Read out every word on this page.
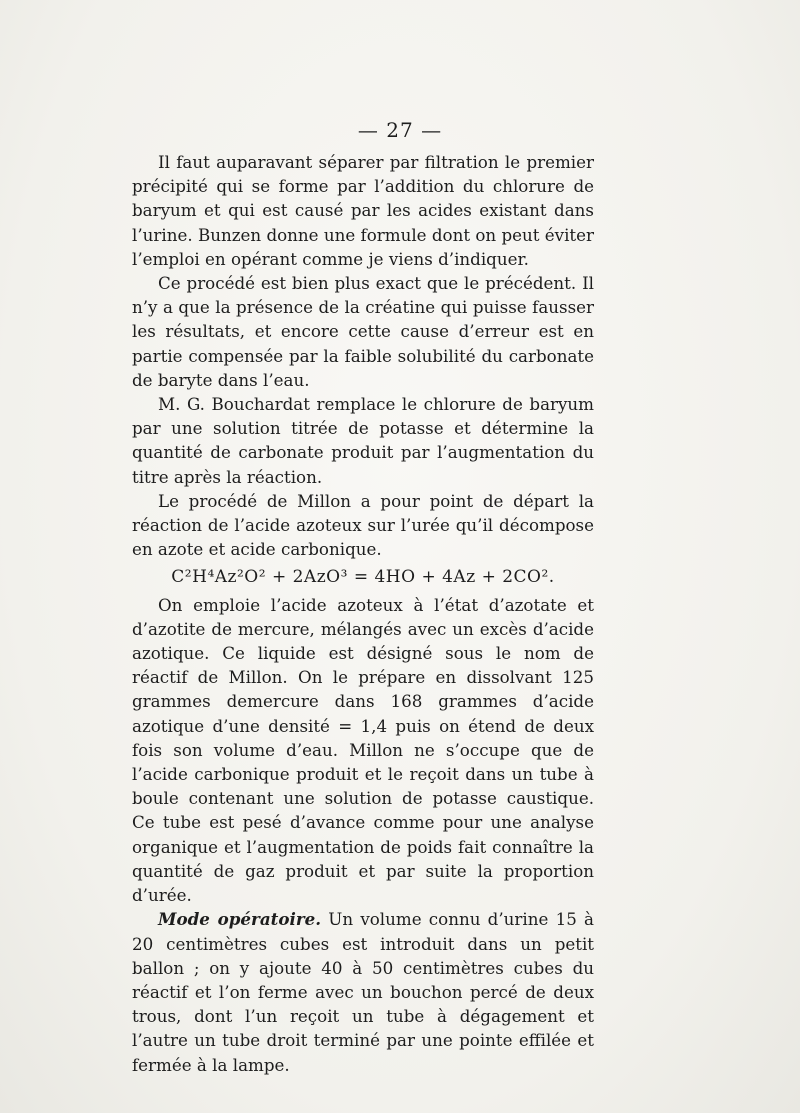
— 27 —

Il faut auparavant séparer par filtration le premier précipité qui se forme par l’addition du chlorure de baryum et qui est causé par les acides existant dans l’urine. Bunzen donne une formule dont on peut éviter l’emploi en opérant comme je viens d’indiquer.

Ce procédé est bien plus exact que le précédent. Il n’y a que la présence de la créatine qui puisse fausser les résultats, et encore cette cause d’erreur est en partie compensée par la faible solubilité du carbonate de baryte dans l’eau.

M. G. Bouchardat remplace le chlorure de baryum par une solution titrée de potasse et détermine la quantité de carbonate produit par l’augmentation du titre après la réaction.

Le procédé de Millon a pour point de départ la réaction de l’acide azoteux sur l’urée qu’il décompose en azote et acide carbonique.

C²H⁴Az²O² + 2AzO³ = 4HO + 4Az + 2CO².

On emploie l’acide azoteux à l’état d’azotate et d’azotite de mercure, mélangés avec un excès d’acide azotique. Ce liquide est désigné sous le nom de réactif de Millon. On le prépare en dissolvant 125 grammes demercure dans 168 grammes d’acide azotique d’une densité = 1,4 puis on étend de deux fois son volume d’eau. Millon ne s’occupe que de l’acide carbonique produit et le reçoit dans un tube à boule contenant une solution de potasse caustique. Ce tube est pesé d’avance comme pour une analyse organique et l’augmentation de poids fait connaître la quantité de gaz produit et par suite la proportion d’urée.

Mode opératoire. Un volume connu d’urine 15 à 20 centimètres cubes est introduit dans un petit ballon ; on y ajoute 40 à 50 centimètres cubes du réactif et l’on ferme avec un bouchon percé de deux trous, dont l’un reçoit un tube à dégagement et l’autre un tube droit terminé par une pointe effilée et fermée à la lampe.
